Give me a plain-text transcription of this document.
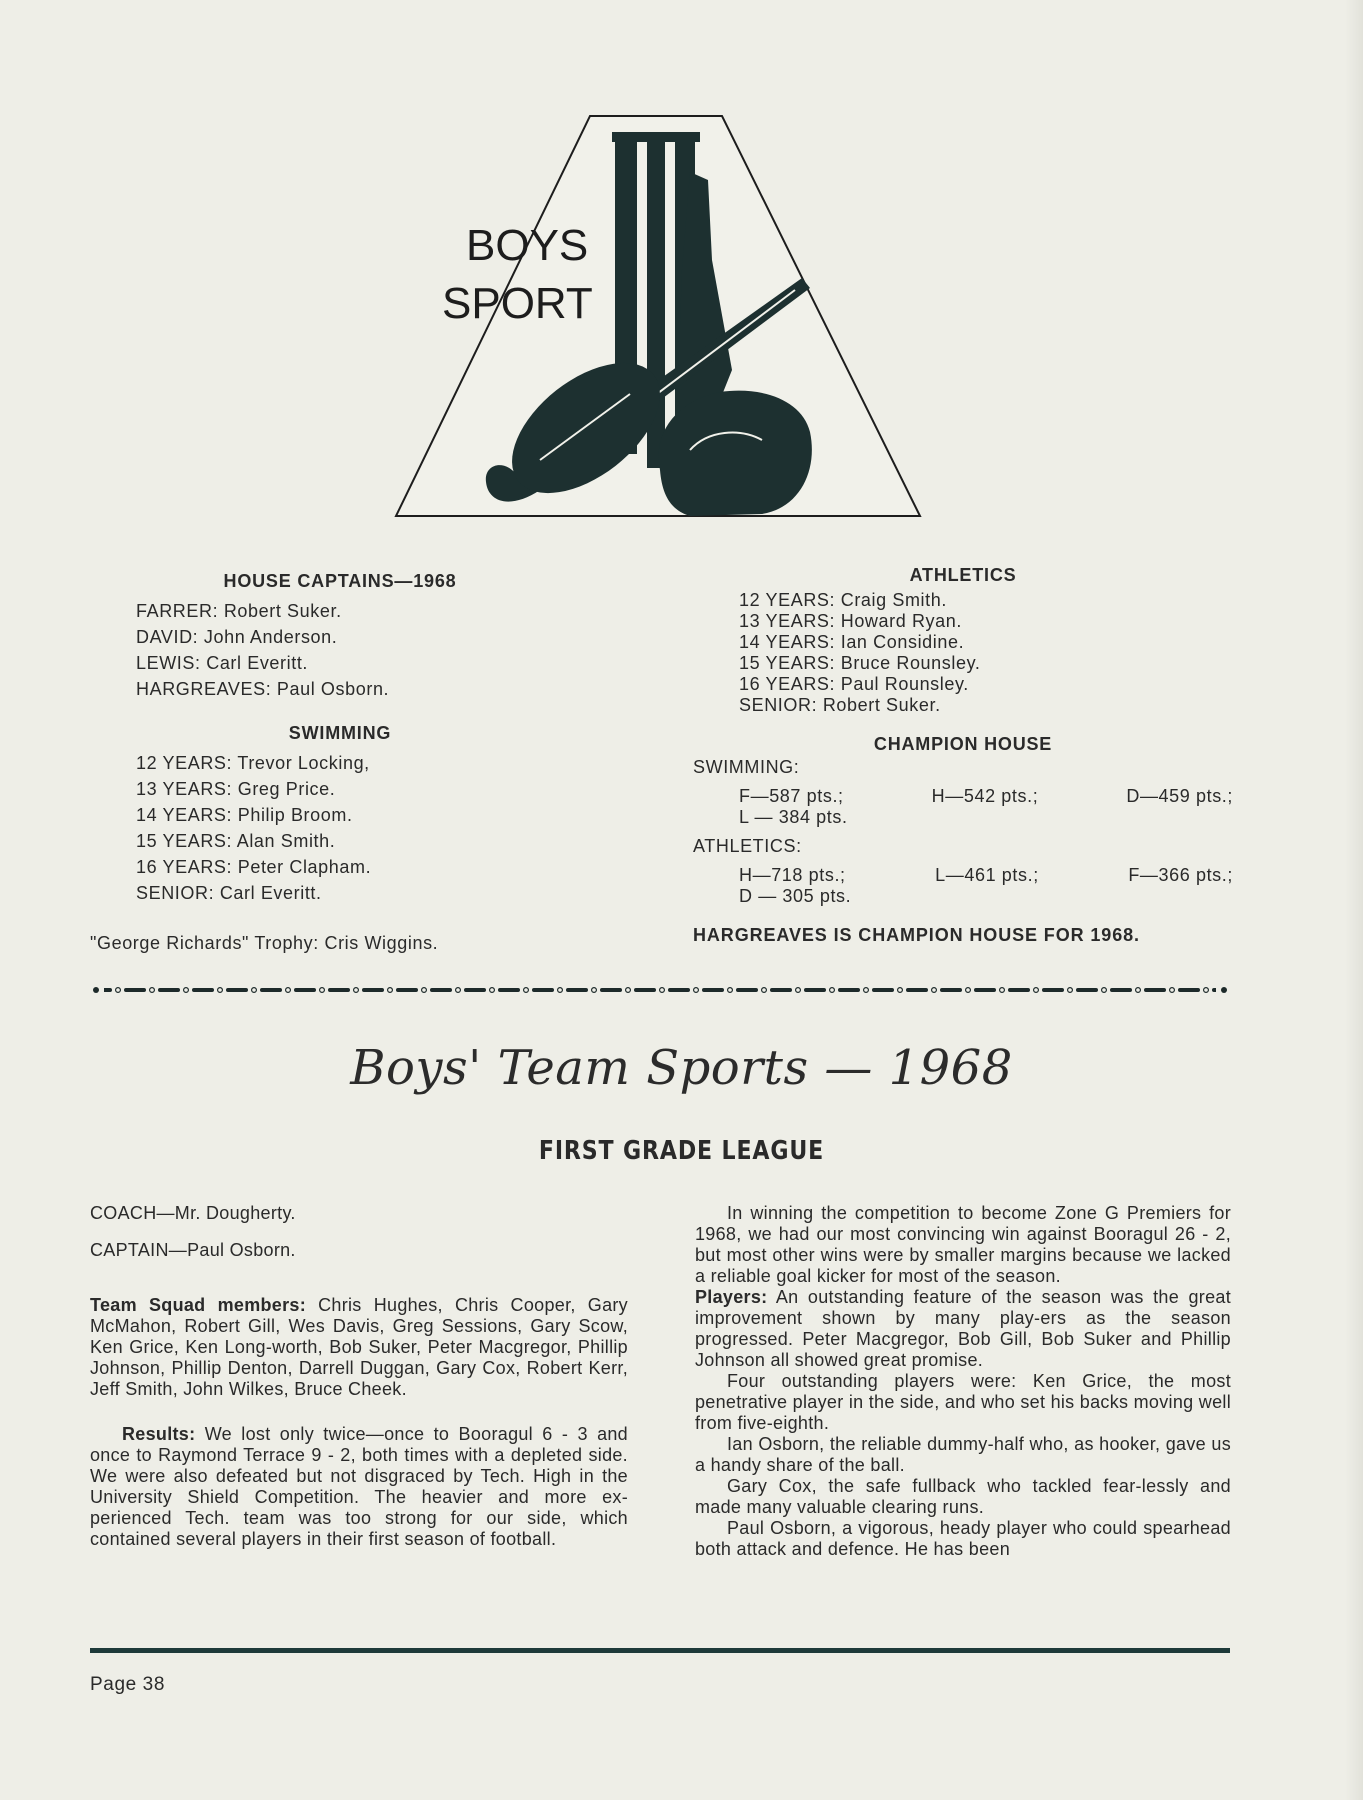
BOYS
SPORT
HOUSE CAPTAINS—1968
FARRER: Robert Suker.
DAVID: John Anderson.
LEWIS: Carl Everitt.
HARGREAVES: Paul Osborn.
SWIMMING
12 YEARS: Trevor Locking,
13 YEARS: Greg Price.
14 YEARS: Philip Broom.
15 YEARS: Alan Smith.
16 YEARS: Peter Clapham.
SENIOR: Carl Everitt.
"George Richards" Trophy: Cris Wiggins.
ATHLETICS
12 YEARS: Craig Smith.
13 YEARS: Howard Ryan.
14 YEARS: Ian Considine.
15 YEARS: Bruce Rounsley.
16 YEARS: Paul Rounsley.
SENIOR: Robert Suker.
CHAMPION HOUSE
SWIMMING:
F—587 pts.;	H—542 pts.;	D—459 pts.;
L — 384 pts.
ATHLETICS:
H—718 pts.;	L—461 pts.;	F—366 pts.;
D — 305 pts.
HARGREAVES IS CHAMPION HOUSE FOR 1968.
Boys' Team Sports — 1968
FIRST GRADE LEAGUE

COACH—Mr. Dougherty.

CAPTAIN—Paul Osborn.

Team Squad members: Chris Hughes, Chris Cooper, Gary McMahon, Robert Gill, Wes Davis, Greg Sessions, Gary Scow, Ken Grice, Ken Long-worth, Bob Suker, Peter Macgregor, Phillip Johnson, Phillip Denton, Darrell Duggan, Gary Cox, Robert Kerr, Jeff Smith, John Wilkes, Bruce Cheek.

Results: We lost only twice—once to Booragul 6 - 3 and once to Raymond Terrace 9 - 2, both times with a depleted side. We were also defeated but not disgraced by Tech. High in the University Shield Competition. The heavier and more ex-perienced Tech. team was too strong for our side, which contained several players in their first season of football.

In winning the competition to become Zone G Premiers for 1968, we had our most convincing win against Booragul 26 - 2, but most other wins were by smaller margins because we lacked a reliable goal kicker for most of the season.

Players: An outstanding feature of the season was the great improvement shown by many play-ers as the season progressed. Peter Macgregor, Bob Gill, Bob Suker and Phillip Johnson all showed great promise.

Four outstanding players were: Ken Grice, the most penetrative player in the side, and who set his backs moving well from five-eighth.

Ian Osborn, the reliable dummy-half who, as hooker, gave us a handy share of the ball.

Gary Cox, the safe fullback who tackled fear-lessly and made many valuable clearing runs.

Paul Osborn, a vigorous, heady player who could spearhead both attack and defence. He has been

Page 38
